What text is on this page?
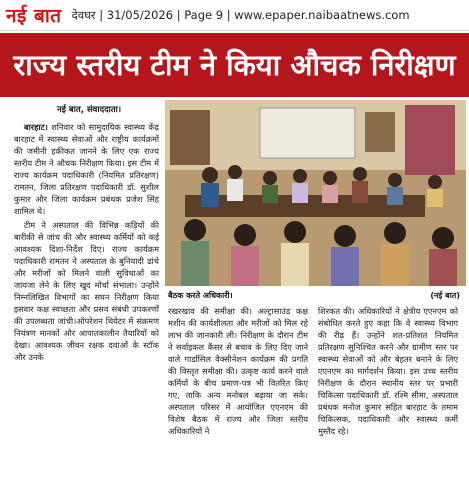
नई बात देवघर | 31/05/2026 | Page 9 | www.epaper.naibaatnews.com
राज्य स्तरीय टीम ने किया औचक निरीक्षण
नई बात, संवाददाता।
बैठक करते अधिकारी।	(नई बात)

बारहाट। शनिवार को सामुदायिक स्वास्थ्य केंद्र बारहाट में स्वास्थ्य सेवाओं और राष्ट्रीय कार्यक्रमों की जमीनी हकीकत जानने के लिए एक राज्य स्तरीय टीम ने औचक निरीक्षण किया। इस टीम में राज्य कार्यक्रम पदाधिकारी (नियमित प्रतिरक्षण) रामतन, जिला प्रतिरक्षण पदाधिकारी डॉ. सुशील कुमार और जिला कार्यक्रम प्रबंधक प्रजेश सिंह शामिल थे।

टीम ने अस्पताल की विभिन्न कड़ियों की बारीकी से जांच की और स्वास्थ्य कर्मियों को कई आवश्यक दिशा-निर्देश दिए। राज्य कार्यक्रम पदाधिकारी रामतन ने अस्पताल के बुनियादी ढांचे और मरीजों को मिलने वाली सुविधाओं का जायजा लेने के लिए खुद मोर्चा संभाला। उन्होंने निम्नलिखित विभागों का सघन निरीक्षण किया इसवार कक्ष स्वच्छता और प्रसव संबंधी उपकरणों की उपलब्धता जांची।ऑपरेशन थियेटर में संक्रमण नियंत्रण मानकों और आपातकालीन तैयारियों को देखा। आवश्यक जीवन रक्षक दवाओं के स्टॉक और उनके

रखरखाव की समीक्षा की। अल्ट्रासाउंड कक्ष मशीन की कार्यशीलता और मरीजों को मिल रहे लाभ की जानकारी ली। निरीक्षण के दौरान टीम ने सर्वाइकल कैंसर से बचाव के लिए दिए जाने वाले गार्डासिल वैक्सीनेशन कार्यक्रम की प्रगति की विस्तृत समीक्षा की। उत्कृष्ट कार्य करने वाले कर्मियों के बीच प्रमाण-पत्र भी वितरित किए गए, ताकि अन्य मनोबल बढ़ाया जा सके। अस्पताल परिसर में आयोजित एएनएम की विशेष बैठक में राज्य और जिला स्तरीय अधिकारियों ने

शिरकत की। अधिकारियों ने क्षेत्रीय एएनएम को संबोधित करते हुए कहा कि वे स्वास्थ्य विभाग की रीढ़ हैं। उन्होंने शत-प्रतिशत नियमित प्रतिरक्षण सुनिश्चित करने और ग्रामीण स्तर पर स्वास्थ्य सेवाओं को और बेहतर बनाने के लिए एएनएम का मार्गदर्शन किया। इस उच्च स्तरीय निरीक्षण के दौरान स्थानीय स्तर पर प्रभारी चिकित्सा पदाधिकारी डॉ. रश्मि सीमा, अस्पताल प्रबंधक मनोज कुमार सहित बारहाट के तमाम चिकित्सक, पदाधिकारी और स्वास्थ्य कर्मी मुस्तैद रहे।
